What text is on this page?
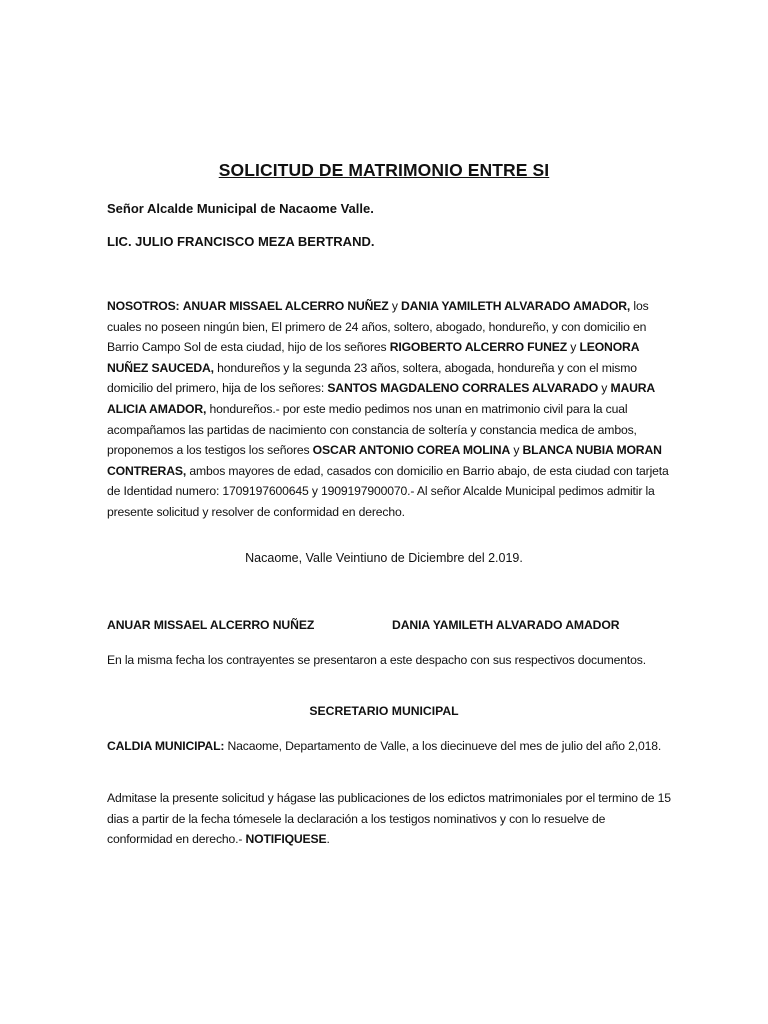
SOLICITUD DE MATRIMONIO ENTRE SI
Señor Alcalde Municipal de Nacaome Valle.
LIC. JULIO FRANCISCO MEZA BERTRAND.
NOSOTROS: ANUAR MISSAEL ALCERRO NUÑEZ y DANIA YAMILETH ALVARADO AMADOR, los cuales no poseen ningún bien, El primero de 24 años, soltero, abogado, hondureño, y con domicilio en Barrio Campo Sol de esta ciudad, hijo de los señores RIGOBERTO ALCERRO FUNEZ y LEONORA NUÑEZ SAUCEDA, hondureños y la segunda 23 años, soltera, abogada, hondureña y con el mismo domicilio del primero, hija de los señores: SANTOS MAGDALENO CORRALES ALVARADO y MAURA ALICIA AMADOR, hondureños.- por este medio pedimos nos unan en matrimonio civil para la cual acompañamos las partidas de nacimiento con constancia de soltería y constancia medica de ambos, proponemos a los testigos los señores OSCAR ANTONIO COREA MOLINA y BLANCA NUBIA MORAN CONTRERAS, ambos mayores de edad, casados con domicilio en Barrio abajo, de esta ciudad con tarjeta de Identidad numero: 1709197600645 y 1909197900070.- Al señor Alcalde Municipal pedimos admitir la presente solicitud y resolver de conformidad en derecho.
Nacaome, Valle Veintiuno de Diciembre del 2.019.
ANUAR MISSAEL ALCERRO NUÑEZ	DANIA YAMILETH ALVARADO AMADOR
En la misma fecha los contrayentes se presentaron a este despacho con sus respectivos documentos.
SECRETARIO MUNICIPAL
CALDIA MUNICIPAL: Nacaome, Departamento de Valle, a los diecinueve del mes de julio del año 2,018.
Admitase la presente solicitud y hágase las publicaciones de los edictos matrimoniales por el termino de 15 dias a partir de la fecha tómesele la declaración a los testigos nominativos y con lo resuelve de conformidad en derecho.- NOTIFIQUESE.
